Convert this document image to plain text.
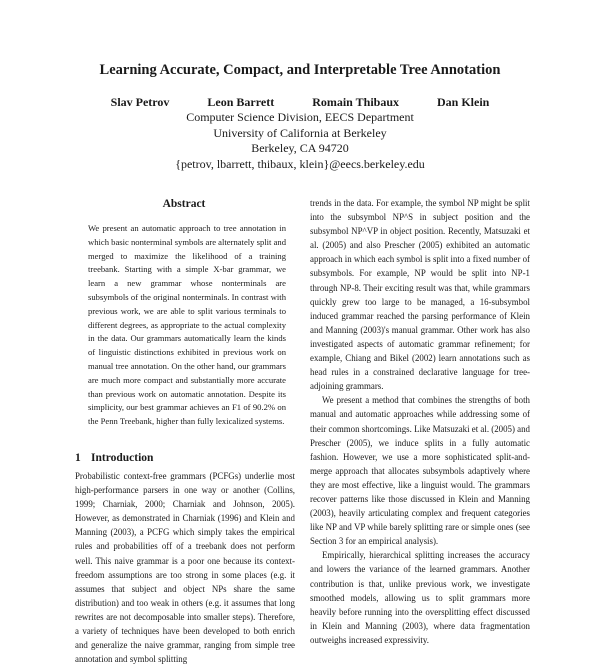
Learning Accurate, Compact, and Interpretable Tree Annotation
Slav Petrov	Leon Barrett	Romain Thibaux	Dan Klein
Computer Science Division, EECS Department
University of California at Berkeley
Berkeley, CA 94720
{petrov, lbarrett, thibaux, klein}@eecs.berkeley.edu
Abstract
We present an automatic approach to tree annotation in which basic nonterminal symbols are alternately split and merged to maximize the likelihood of a training treebank. Starting with a simple X-bar grammar, we learn a new grammar whose nonterminals are subsymbols of the original nonterminals. In contrast with previous work, we are able to split various terminals to different degrees, as appropriate to the actual complexity in the data. Our grammars automatically learn the kinds of linguistic distinctions exhibited in previous work on manual tree annotation. On the other hand, our grammars are much more compact and substantially more accurate than previous work on automatic annotation. Despite its simplicity, our best grammar achieves an F1 of 90.2% on the Penn Treebank, higher than fully lexicalized systems.
1 Introduction

Probabilistic context-free grammars (PCFGs) underlie most high-performance parsers in one way or another (Collins, 1999; Charniak, 2000; Charniak and Johnson, 2005). However, as demonstrated in Charniak (1996) and Klein and Manning (2003), a PCFG which simply takes the empirical rules and probabilities off of a treebank does not perform well. This naive grammar is a poor one because its context-freedom assumptions are too strong in some places (e.g. it assumes that subject and object NPs share the same distribution) and too weak in others (e.g. it assumes that long rewrites are not decomposable into smaller steps). Therefore, a variety of techniques have been developed to both enrich and generalize the naive grammar, ranging from simple tree annotation and symbol splitting

trends in the data. For example, the symbol NP might be split into the subsymbol NP^S in subject position and the subsymbol NP^VP in object position. Recently, Matsuzaki et al. (2005) and also Prescher (2005) exhibited an automatic approach in which each symbol is split into a fixed number of subsymbols. For example, NP would be split into NP-1 through NP-8. Their exciting result was that, while grammars quickly grew too large to be managed, a 16-subsymbol induced grammar reached the parsing performance of Klein and Manning (2003)'s manual grammar. Other work has also investigated aspects of automatic grammar refinement; for example, Chiang and Bikel (2002) learn annotations such as head rules in a constrained declarative language for tree-adjoining grammars.

We present a method that combines the strengths of both manual and automatic approaches while addressing some of their common shortcomings. Like Matsuzaki et al. (2005) and Prescher (2005), we induce splits in a fully automatic fashion. However, we use a more sophisticated split-and-merge approach that allocates subsymbols adaptively where they are most effective, like a linguist would. The grammars recover patterns like those discussed in Klein and Manning (2003), heavily articulating complex and frequent categories like NP and VP while barely splitting rare or simple ones (see Section 3 for an empirical analysis).

Empirically, hierarchical splitting increases the accuracy and lowers the variance of the learned grammars. Another contribution is that, unlike previous work, we investigate smoothed models, allowing us to split grammars more heavily before running into the oversplitting effect discussed in Klein and Manning (2003), where data fragmentation outweighs increased expressivity.
